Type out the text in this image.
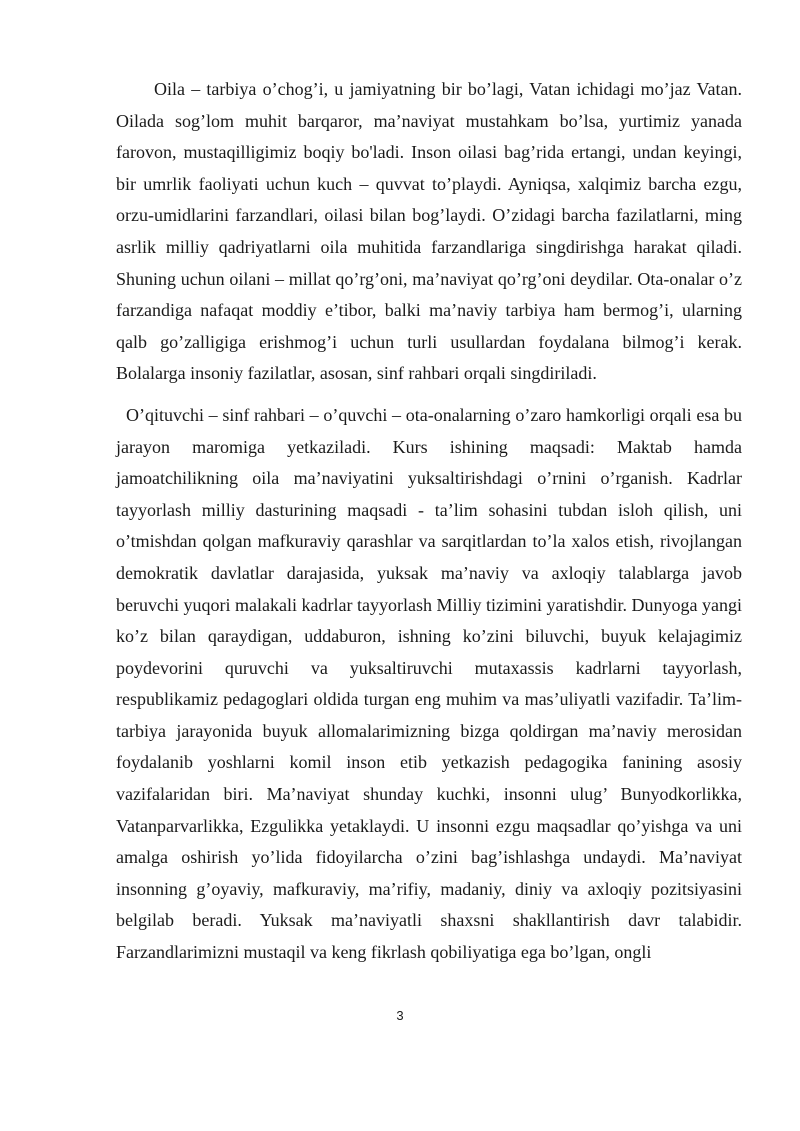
Oila – tarbiya o’chog’i, u jamiyatning bir bo’lagi, Vatan ichidagi mo’jaz Vatan. Oilada sog’lom muhit barqaror, ma’naviyat mustahkam bo’lsa, yurtimiz yanada farovon, mustaqilligimiz boqiy bo'ladi. Inson oilasi bag’rida ertangi, undan keyingi, bir umrlik faoliyati uchun kuch – quvvat to’playdi. Ayniqsa, xalqimiz barcha ezgu, orzu-umidlarini farzandlari, oilasi bilan bog’laydi. O’zidagi barcha fazilatlarni, ming asrlik milliy qadriyatlarni oila muhitida farzandlariga singdirishga harakat qiladi. Shuning uchun oilani – millat qo’rg’oni, ma’naviyat qo’rg’oni deydilar. Ota-onalar o’z farzandiga nafaqat moddiy e’tibor, balki ma’naviy tarbiya ham bermog’i, ularning qalb go’zalligiga erishmog’i uchun turli usullardan foydalana bilmog’i kerak. Bolalarga insoniy fazilatlar, asosan, sinf rahbari orqali singdiriladi.

O’qituvchi – sinf rahbari – o’quvchi – ota-onalarning o’zaro hamkorligi orqali esa bu jarayon maromiga yetkaziladi. Kurs ishining maqsadi: Maktab hamda jamoatchilikning oila ma’naviyatini yuksaltirishdagi o’rnini o’rganish. Kadrlar tayyorlash milliy dasturining maqsadi - ta’lim sohasini tubdan isloh qilish, uni o’tmishdan qolgan mafkuraviy qarashlar va sarqitlardan to’la xalos etish, rivojlangan demokratik davlatlar darajasida, yuksak ma’naviy va axloqiy talablarga javob beruvchi yuqori malakali kadrlar tayyorlash Milliy tizimini yaratishdir. Dunyoga yangi ko’z bilan qaraydigan, uddaburon, ishning ko’zini biluvchi, buyuk kelajagimiz poydevorini quruvchi va yuksaltiruvchi mutaxassis kadrlarni tayyorlash, respublikamiz pedagoglari oldida turgan eng muhim va mas’uliyatli vazifadir. Ta’lim-tarbiya jarayonida buyuk allomalarimizning bizga qoldirgan ma’naviy merosidan foydalanib yoshlarni komil inson etib yetkazish pedagogika fanining asosiy vazifalaridan biri. Ma’naviyat shunday kuchki, insonni ulug’ Bunyodkorlikka, Vatanparvarlikka, Ezgulikka yetaklaydi. U insonni ezgu maqsadlar qo’yishga va uni amalga oshirish yo’lida fidoyilarcha o’zini bag’ishlashga undaydi. Ma’naviyat insonning g’oyaviy, mafkuraviy, ma’rifiy, madaniy, diniy va axloqiy pozitsiyasini belgilab beradi. Yuksak ma’naviyatli shaxsni shakllantirish davr talabidir. Farzandlarimizni mustaqil va keng fikrlash qobiliyatiga ega bo’lgan, ongli

3
